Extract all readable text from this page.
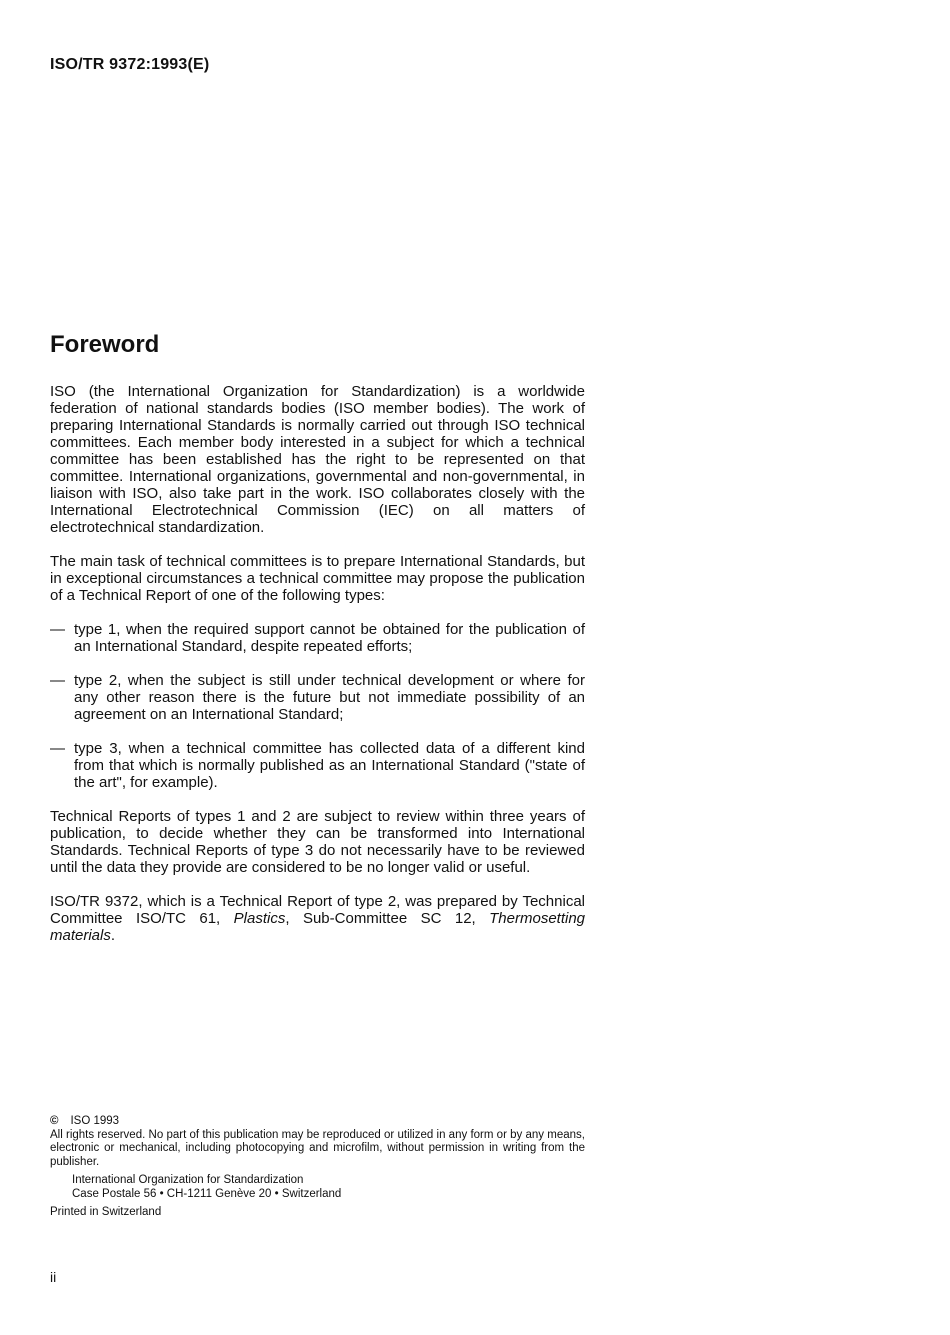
ISO/TR 9372:1993(E)
Foreword

ISO (the International Organization for Standardization) is a worldwide federation of national standards bodies (ISO member bodies). The work of preparing International Standards is normally carried out through ISO technical committees. Each member body interested in a subject for which a technical committee has been established has the right to be represented on that committee. International organizations, governmental and non-governmental, in liaison with ISO, also take part in the work. ISO collaborates closely with the International Electrotechnical Commission (IEC) on all matters of electrotechnical standardization.

The main task of technical committees is to prepare International Standards, but in exceptional circumstances a technical committee may propose the publication of a Technical Report of one of the following types:

— type 1, when the required support cannot be obtained for the publication of an International Standard, despite repeated efforts;
— type 2, when the subject is still under technical development or where for any other reason there is the future but not immediate possibility of an agreement on an International Standard;
— type 3, when a technical committee has collected data of a different kind from that which is normally published as an International Standard ("state of the art", for example).

Technical Reports of types 1 and 2 are subject to review within three years of publication, to decide whether they can be transformed into International Standards. Technical Reports of type 3 do not necessarily have to be reviewed until the data they provide are considered to be no longer valid or useful.

ISO/TR 9372, which is a Technical Report of type 2, was prepared by Technical Committee ISO/TC 61, Plastics, Sub-Committee SC 12, Thermosetting materials.

© ISO 1993
All rights reserved. No part of this publication may be reproduced or utilized in any form or by any means, electronic or mechanical, including photocopying and microfilm, without permission in writing from the publisher.
International Organization for Standardization
Case Postale 56 • CH-1211 Genève 20 • Switzerland
Printed in Switzerland
ii
